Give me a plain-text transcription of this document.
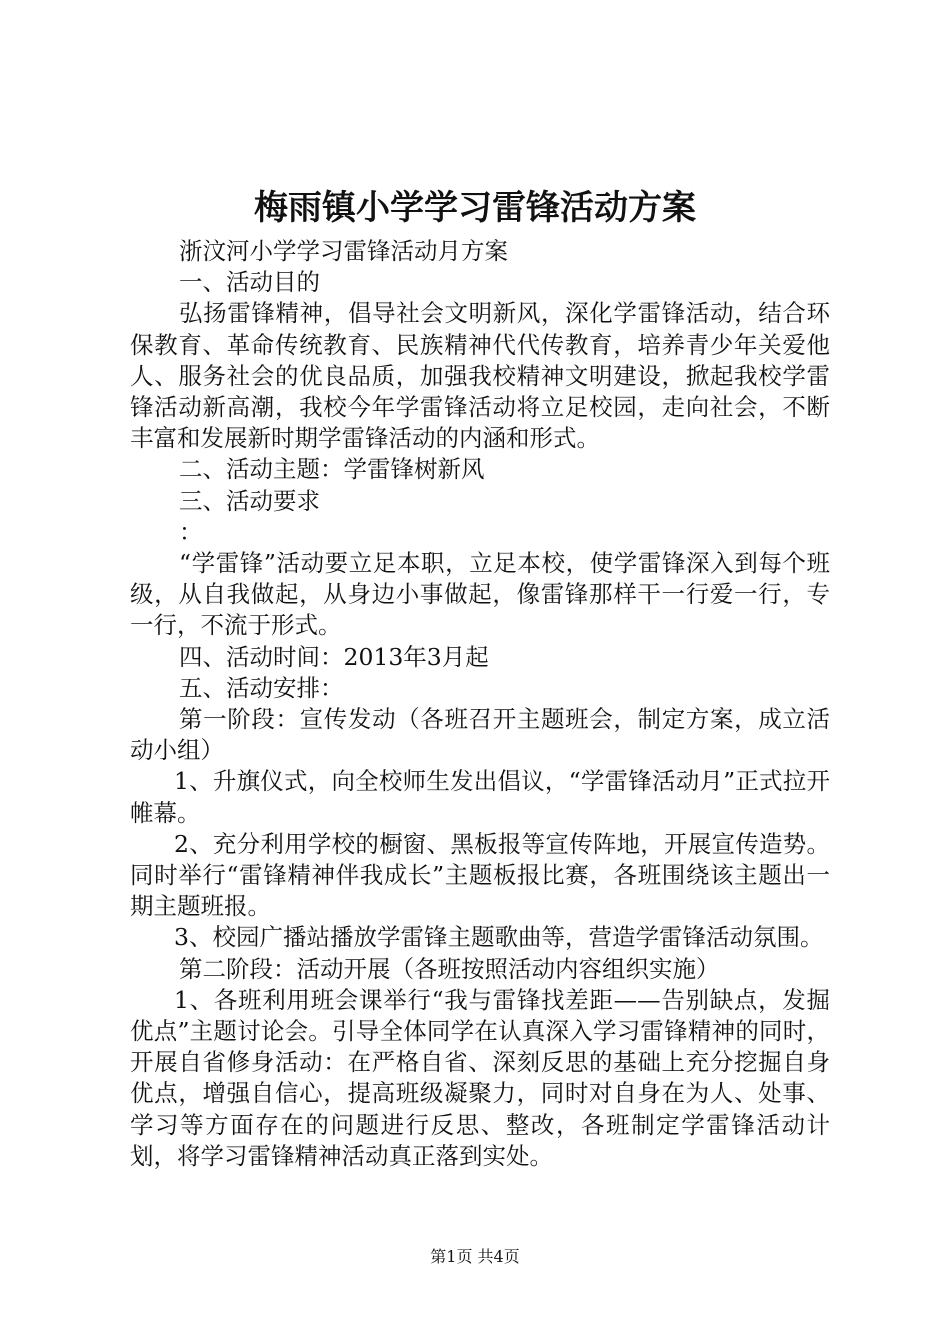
梅雨镇小学学习雷锋活动方案

浙汶河小学学习雷锋活动月方案

一、活动目的

弘扬雷锋精神，倡导社会文明新风，深化学雷锋活动，结合环保教育、革命传统教育、民族精神代代传教育，培养青少年关爱他人、服务社会的优良品质，加强我校精神文明建设，掀起我校学雷锋活动新高潮，我校今年学雷锋活动将立足校园，走向社会，不断丰富和发展新时期学雷锋活动的内涵和形式。

二、活动主题：学雷锋树新风

三、活动要求

：

“学雷锋”活动要立足本职，立足本校，使学雷锋深入到每个班级，从自我做起，从身边小事做起，像雷锋那样干一行爱一行，专一行，不流于形式。

四、活动时间：2013年3月起

五、活动安排：

第一阶段：宣传发动（各班召开主题班会，制定方案，成立活动小组）

1、升旗仪式，向全校师生发出倡议，“学雷锋活动月”正式拉开帷幕。

2、充分利用学校的橱窗、黑板报等宣传阵地，开展宣传造势。同时举行“雷锋精神伴我成长”主题板报比赛，各班围绕该主题出一期主题班报。

3、校园广播站播放学雷锋主题歌曲等，营造学雷锋活动氛围。

第二阶段：活动开展（各班按照活动内容组织实施）

1、各班利用班会课举行“我与雷锋找差距——告别缺点，发掘优点”主题讨论会。引导全体同学在认真深入学习雷锋精神的同时，开展自省修身活动：在严格自省、深刻反思的基础上充分挖掘自身优点，增强自信心，提高班级凝聚力，同时对自身在为人、处事、学习等方面存在的问题进行反思、整改，各班制定学雷锋活动计划，将学习雷锋精神活动真正落到实处。

第1页 共4页
